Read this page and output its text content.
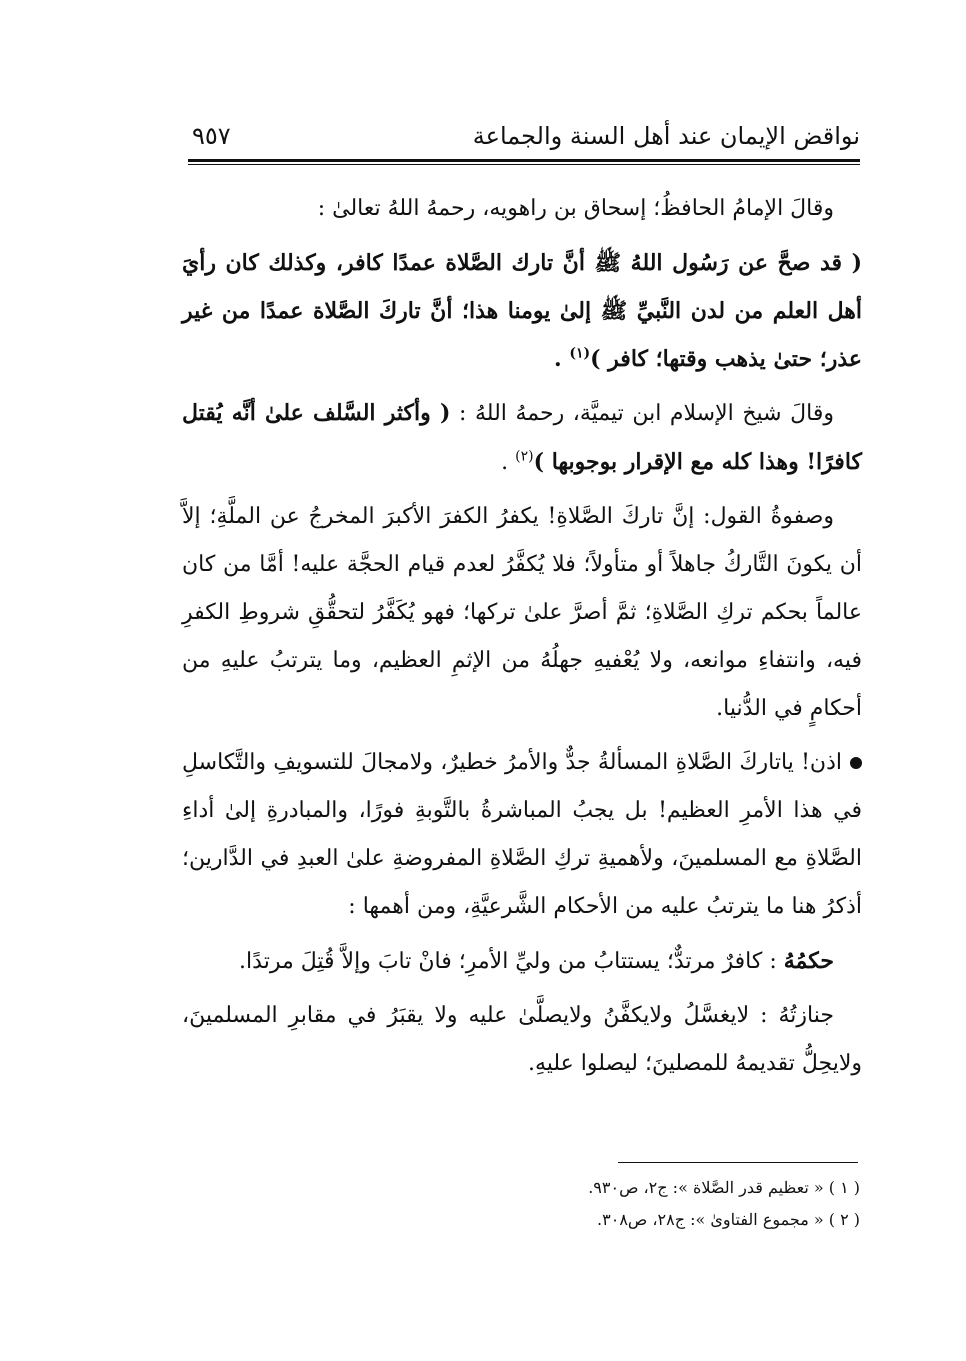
نواقض الإيمان عند أهل السنة والجماعة
٩٥٧

وقالَ الإمامُ الحافظُ؛ إسحاق بن راهويه، رحمهُ اللهُ تعالىٰ :

( قد صحَّ عن رَسُول اللهُ ﷺ أنَّ تارك الصَّلاة عمدًا كافر، وكذلك كان رأيَ أهل العلم من لدن النَّبيِّ ﷺ إلىٰ يومنا هذا؛ أنَّ تاركَ الصَّلاة عمدًا من غير عذر؛ حتىٰ يذهب وقتها؛ كافر )$^{(١)}$ .

وقالَ شيخ الإسلام ابن تيميَّة، رحمهُ اللهُ : ( وأكثر السَّلف علىٰ أنَّه يُقتل كافرًا! وهذا كله مع الإقرار بوجوبها )$^{(٢)}$ .

وصفوةُ القول: إنَّ تاركَ الصَّلاةِ! يكفرُ الكفرَ الأكبرَ المخرجُ عن الملَّةِ؛ إلاَّ أن يكونَ التَّاركُ جاهلاً أو متأولاً؛ فلا يُكفَّرُ لعدم قيام الحجَّة عليه! أمَّا من كان عالماً بحكم تركِ الصَّلاةِ؛ ثمَّ أصرَّ علىٰ تركها؛ فهو يُكَفَّرُ لتحقُّقِ شروطِ الكفرِ فيه، وانتفاءِ موانعه، ولا يُعْفيهِ جهلُهُ من الإثمِ العظيم، وما يترتبُ عليهِ من أحكامٍ في الدُّنيا.

اذن! ياتاركَ الصَّلاةِ المسألةُ جدٌّ والأمرُ خطيرٌ، ولامجالَ للتسويفِ والتَّكاسلِ في هذا الأمرِ العظيم! بل يجبُ المباشرةُ بالتَّوبةِ فورًا، والمبادرةِ إلىٰ أداءِ الصَّلاةِ مع المسلمينَ، ولأهميةِ تركِ الصَّلاةِ المفروضةِ علىٰ العبدِ في الدَّارين؛ أذكرُ هنا ما يترتبُ عليه من الأحكام الشَّرعيَّةِ، ومن أهمها :

حكمُهُ : كافرٌ مرتدٌّ؛ يستتابُ من وليِّ الأمرِ؛ فانْ تابَ وإلاَّ قُتِلَ مرتدًا.

جنازتُهُ : لايغسَّلُ ولايكفَّنُ ولايصلَّىٰ عليه ولا يقبَرُ في مقابرِ المسلمينَ، ولايحِلُّ تقديمهُ للمصلينَ؛ ليصلوا عليهِ.

( ١ ) « تعظيم قدر الصَّلاة »: ج٢، ص٩٣٠.
( ٢ ) « مجموع الفتاوىٰ »: ج٢٨، ص٣٠٨.
